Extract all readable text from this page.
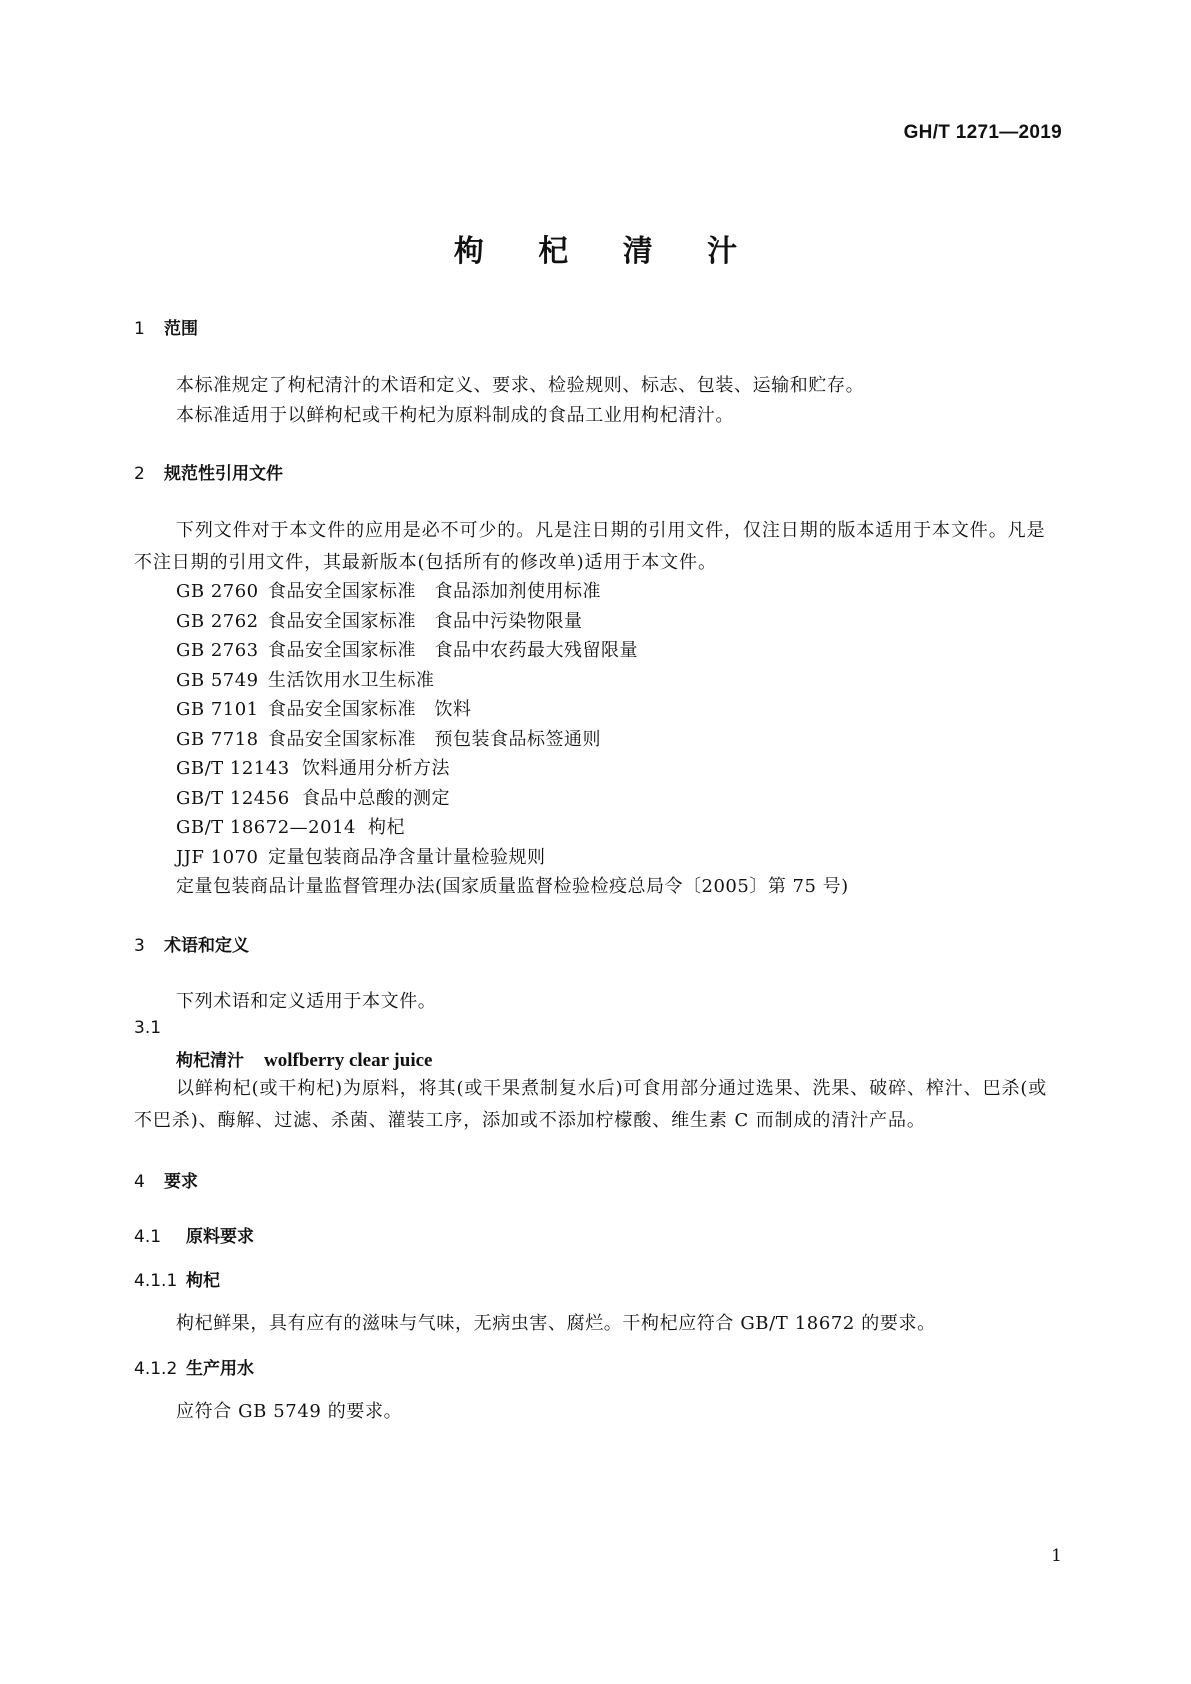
GH/T 1271—2019
枸 杞 清 汁
1 范围
本标准规定了枸杞清汁的术语和定义、要求、检验规则、标志、包装、运输和贮存。
本标准适用于以鲜枸杞或干枸杞为原料制成的食品工业用枸杞清汁。
2 规范性引用文件
下列文件对于本文件的应用是必不可少的。凡是注日期的引用文件，仅注日期的版本适用于本文件。凡是不注日期的引用文件，其最新版本(包括所有的修改单)适用于本文件。
GB 2760 食品安全国家标准　食品添加剂使用标准
GB 2762 食品安全国家标准　食品中污染物限量
GB 2763 食品安全国家标准　食品中农药最大残留限量
GB 5749 生活饮用水卫生标准
GB 7101 食品安全国家标准　饮料
GB 7718 食品安全国家标准　预包装食品标签通则
GB/T 12143 饮料通用分析方法
GB/T 12456 食品中总酸的测定
GB/T 18672—2014 枸杞
JJF 1070 定量包装商品净含量计量检验规则
定量包装商品计量监督管理办法(国家质量监督检验检疫总局令〔2005〕第 75 号)
3 术语和定义
下列术语和定义适用于本文件。
3.1
枸杞清汁 wolfberry clear juice
以鲜枸杞(或干枸杞)为原料，将其(或干果煮制复水后)可食用部分通过选果、洗果、破碎、榨汁、巴杀(或不巴杀)、酶解、过滤、杀菌、灌装工序，添加或不添加柠檬酸、维生素 C 而制成的清汁产品。
4 要求
4.1 原料要求
4.1.1 枸杞
枸杞鲜果，具有应有的滋味与气味，无病虫害、腐烂。干枸杞应符合 GB/T 18672 的要求。
4.1.2 生产用水
应符合 GB 5749 的要求。
1
